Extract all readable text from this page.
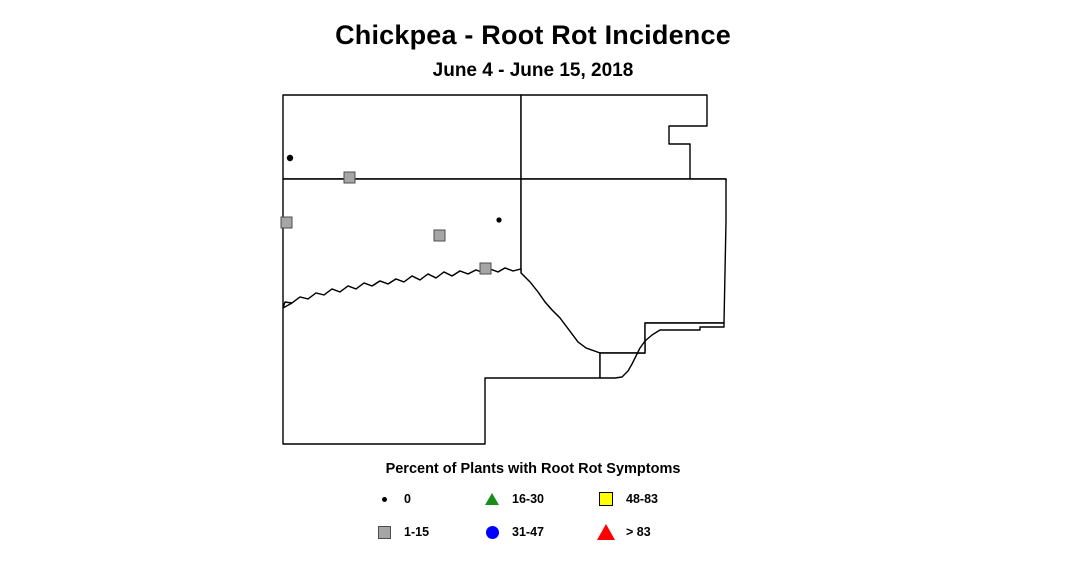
Chickpea - Root Rot Incidence
June 4 - June 15, 2018
Percent of Plants with Root Rot Symptoms
0
1-15
16-30
31-47
48-83
> 83
